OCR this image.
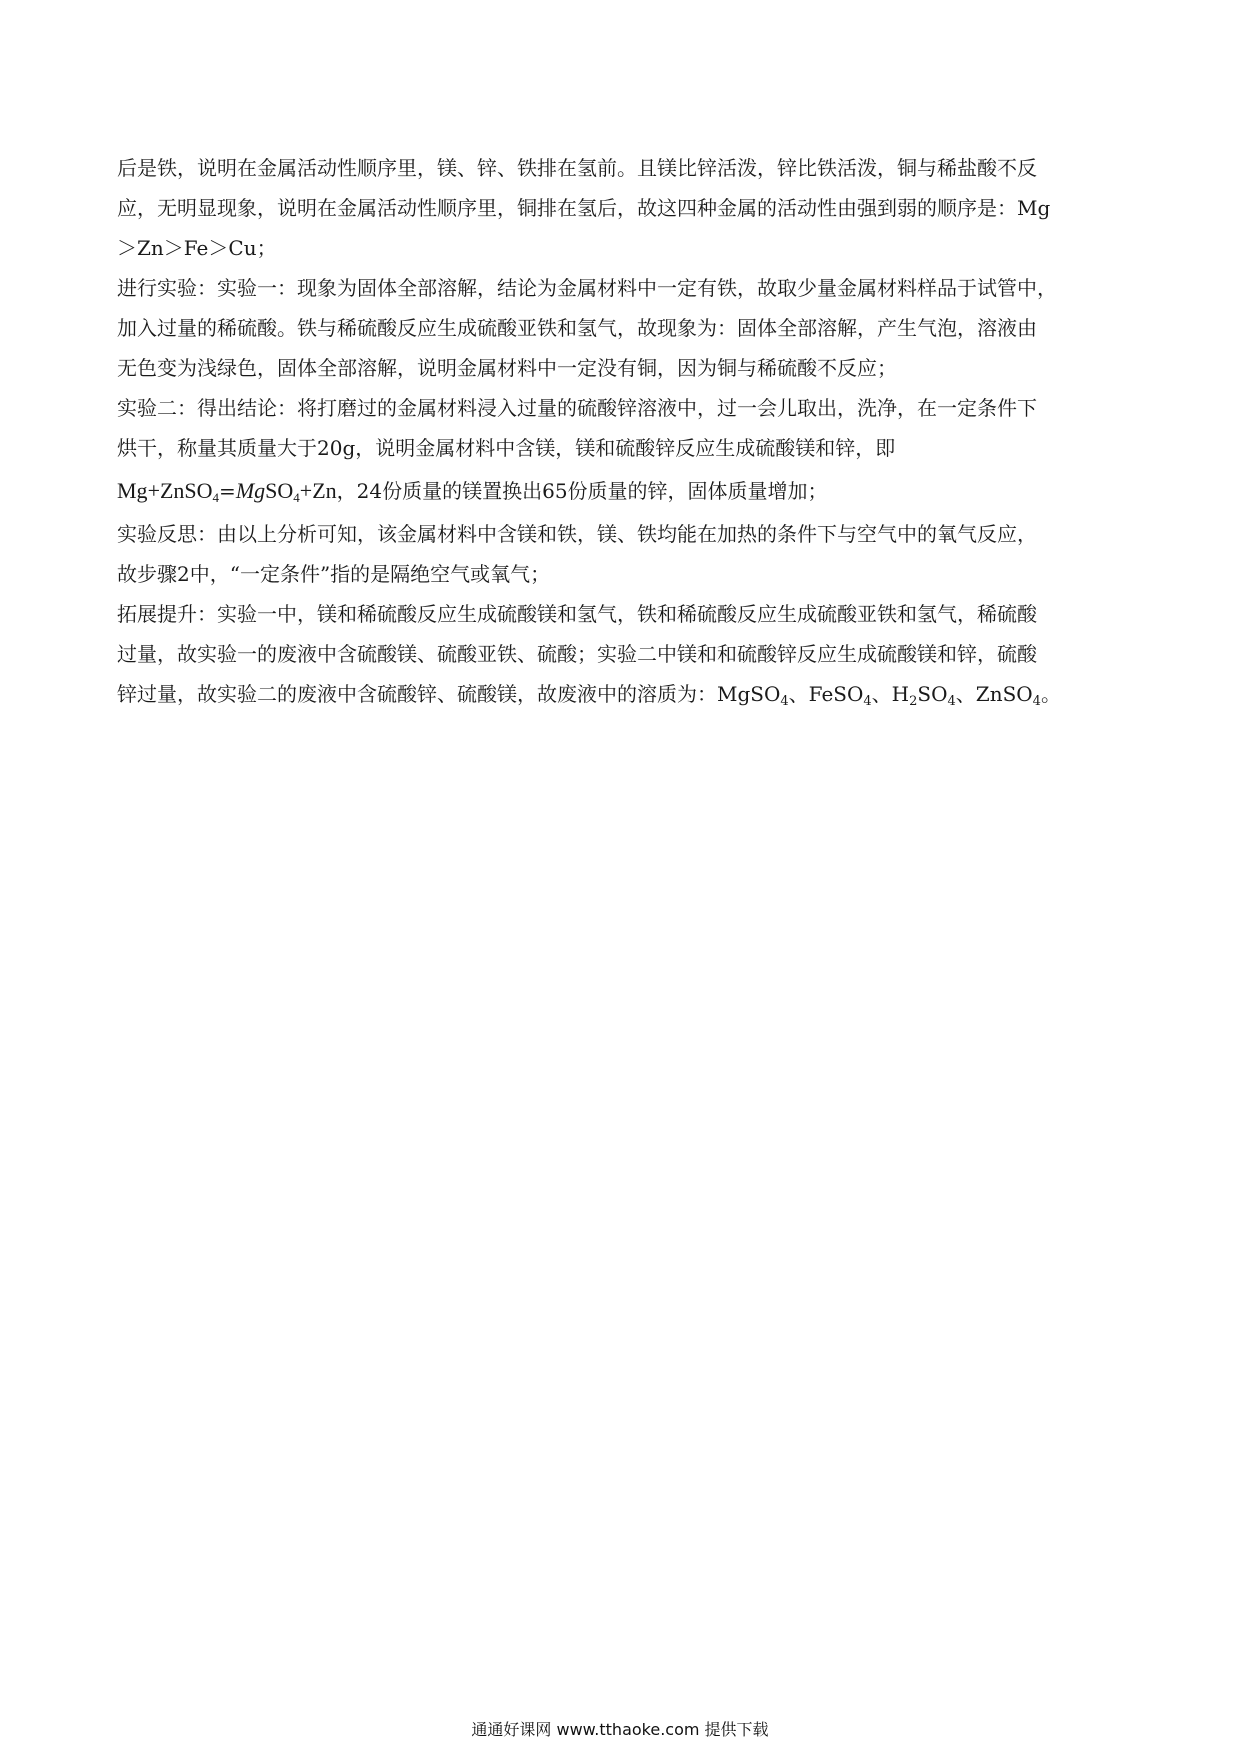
后是铁，说明在金属活动性顺序里，镁、锌、铁排在氢前。且镁比锌活泼，锌比铁活泼，铜与稀盐酸不反
应，无明显现象，说明在金属活动性顺序里，铜排在氢后，故这四种金属的活动性由强到弱的顺序是：Mg
＞Zn＞Fe＞Cu；
进行实验：实验一：现象为固体全部溶解，结论为金属材料中一定有铁，故取少量金属材料样品于试管中，
加入过量的稀硫酸。铁与稀硫酸反应生成硫酸亚铁和氢气，故现象为：固体全部溶解，产生气泡，溶液由
无色变为浅绿色，固体全部溶解，说明金属材料中一定没有铜，因为铜与稀硫酸不反应；
实验二：得出结论：将打磨过的金属材料浸入过量的硫酸锌溶液中，过一会儿取出，洗净，在一定条件下
烘干，称量其质量大于20g，说明金属材料中含镁，镁和硫酸锌反应生成硫酸镁和锌，即
Mg+ZnSO$_4$=MgSO$_4$+Zn，24份质量的镁置换出65份质量的锌，固体质量增加；
实验反思：由以上分析可知，该金属材料中含镁和铁，镁、铁均能在加热的条件下与空气中的氧气反应，
故步骤2中，“一定条件”指的是隔绝空气或氧气；
拓展提升：实验一中，镁和稀硫酸反应生成硫酸镁和氢气，铁和稀硫酸反应生成硫酸亚铁和氢气，稀硫酸
过量，故实验一的废液中含硫酸镁、硫酸亚铁、硫酸；实验二中镁和和硫酸锌反应生成硫酸镁和锌，硫酸
锌过量，故实验二的废液中含硫酸锌、硫酸镁，故废液中的溶质为：MgSO$_4$、FeSO$_4$、$H_2SO_4$、ZnSO$_4$。
通通好课网 www.tthaoke.com 提供下载
